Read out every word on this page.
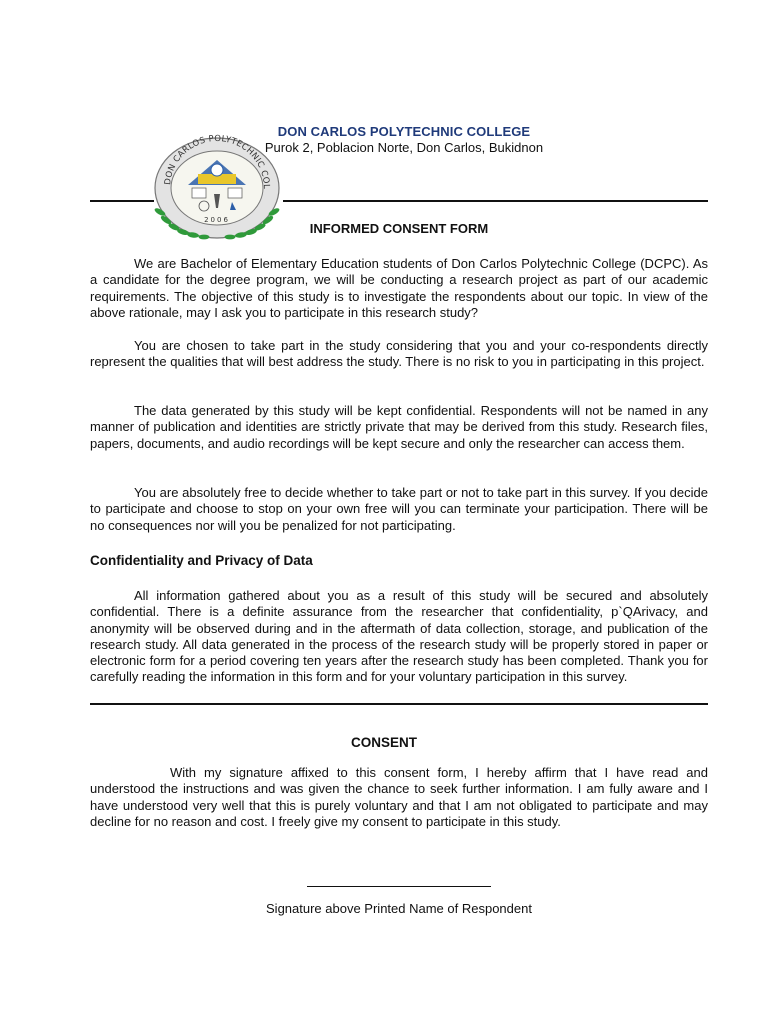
DON CARLOS POLYTECHNIC COLLEGE
Purok 2, Poblacion Norte, Don Carlos, Bukidnon
DON CARLOS POLYTECHNIC COL
2006
INFORMED CONSENT FORM
We are Bachelor of Elementary Education students of Don Carlos Polytechnic College (DCPC). As a candidate for the degree program, we will be conducting a research project as part of our academic requirements. The objective of this study is to investigate the respondents about our topic. In view of the above rationale, may I ask you to participate in this research study?
You are chosen to take part in the study considering that you and your co-respondents directly represent the qualities that will best address the study. There is no risk to you in participating in this project.
The data generated by this study will be kept confidential. Respondents will not be named in any manner of publication and identities are strictly private that may be derived from this study. Research files, papers, documents, and audio recordings will be kept secure and only the researcher can access them.
You are absolutely free to decide whether to take part or not to take part in this survey. If you decide to participate and choose to stop on your own free will you can terminate your participation. There will be no consequences nor will you be penalized for not participating.
Confidentiality and Privacy of Data
All information gathered about you as a result of this study will be secured and absolutely confidential. There is a definite assurance from the researcher that confidentiality, p`QArivacy, and anonymity will be observed during and in the aftermath of data collection, storage, and publication of the research study. All data generated in the process of the research study will be properly stored in paper or electronic form for a period covering ten years after the research study has been completed. Thank you for carefully reading the information in this form and for your voluntary participation in this survey.
CONSENT
With my signature affixed to this consent form, I hereby affirm that I have read and understood the instructions and was given the chance to seek further information. I am fully aware and I have understood very well that this is purely voluntary and that I am not obligated to participate and may decline for no reason and cost. I freely give my consent to participate in this study.
Signature above Printed Name of Respondent
